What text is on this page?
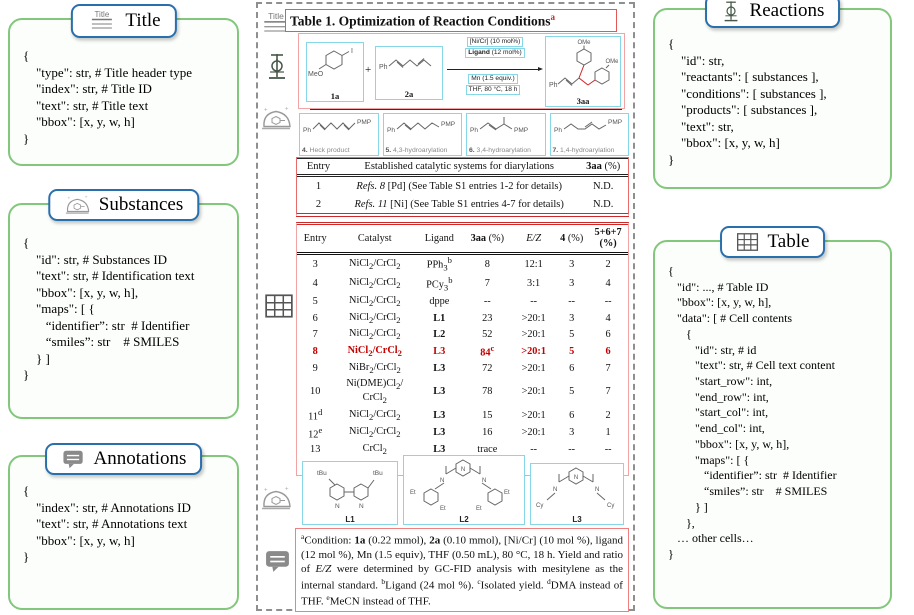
Title Title
{
"type": str, # Title header type
"index": str, # Title ID
"text": str, # Title text
"bbox": [x, y, w, h]
}
+ + Substances
{
"id": str, # Substances ID
"text": str, # Identification text
"bbox": [x, y, w, h],
"maps": [ {
“identifier”: str  # Identifier
“smiles”: str    # SMILES
} ]
}
Annotations
{
"index": str, # Annotations ID
"text": str, # Annotations text
"bbox": [x, y, w, h]
}
Reactions
{
"id": str,
"reactants": [ substances ],
"conditions": [ substances ],
"products": [ substances ],
"text": str,
"bbox": [x, y, w, h]
}
Table
{
"id": ..., # Table ID
"bbox": [x, y, w, h],
"data": [ # Cell contents
{
"id": str, # id
"text": str, # Cell text content
"start_row": int,
"end_row": int,
"start_col": int,
"end_col": int,
"bbox": [x, y, w, h],
"maps": [ {
“identifier”: str  # Identifier
“smiles”: str    # SMILES
} ]
},
… other cells…
}
Title
+	+
+	+
Table 1. Optimization of Reaction Conditions$^a$
I
MeO
1a
+ Ph
2a
[Ni/Cr] (10 mol%)
Ligand (12 mol%)
Mn (1.5 equiv.)
THF, 80 °C, 18 h
OMe
OMe
Ph
3aa
Ph
PMP
4. Heck product
Ph
PMP
5. 4,3-hydroarylation
Ph	PMP
6. 3,4-hydroarylation
Ph
PMP
7. 1,4-hydroarylation
Entry	Established catalytic systems for diarylations	3aa (%)
1	Refs. 8 [Pd] (See Table S1 entries 1-2 for details)	N.D.
2	Refs. 11 [Ni] (See Table S1 entries 4-7 for details)	N.D.
Entry	Catalyst	Ligand	3aa (%)	E/Z	4 (%)	5+6+7
(%)
3	NiCl$_2$/CrCl$_2$	PPh$_3^b$	8	12:1	3	2
4	NiCl$_2$/CrCl$_2$	PCy$_3^b$	7	3:1	3	4
5	NiCl$_2$/CrCl$_2$	dppe	--	--	--	--
6	NiCl$_2$/CrCl$_2$	L1	23	>20:1	3	4
7	NiCl$_2$/CrCl$_2$	L2	52	>20:1	5	6
8	NiCl$_2$/CrCl$_2$	L3	$84^c$	>20:1	5	6
9	NiBr$_2$/CrCl$_2$	L3	72	>20:1	6	7
10	$Ni(DME)Cl_2/$
CrCl$_2$	L3	78	>20:1	5	7
11$^d$	NiCl$_2$/CrCl$_2$	L3	15	>20:1	6	2
12e	NiCl$_2$/CrCl$_2$	L3	16	>20:1	3	1
13	CrCl$_2$	L3	trace	--	--	--

tBu
N	N
tBu
L1
N
N	N
Et
Et
Et
Et
L2
N
N	N
Cy	Cy
L3
$^a$Condition: 1a (0.22 mmol), 2a (0.10 mmol), [Ni/Cr] (10 mol %), ligand (12 mol %), Mn (1.5 equiv), THF (0.50 mL), 80 °C, 18 h. Yield and ratio of E/Z were determined by GC-FID analysis with mesitylene as the internal standard. $^b$Ligand (24 mol %). $^c$Isolated yield. $^d$DMA instead of THF. $^e$MeCN instead of THF.
